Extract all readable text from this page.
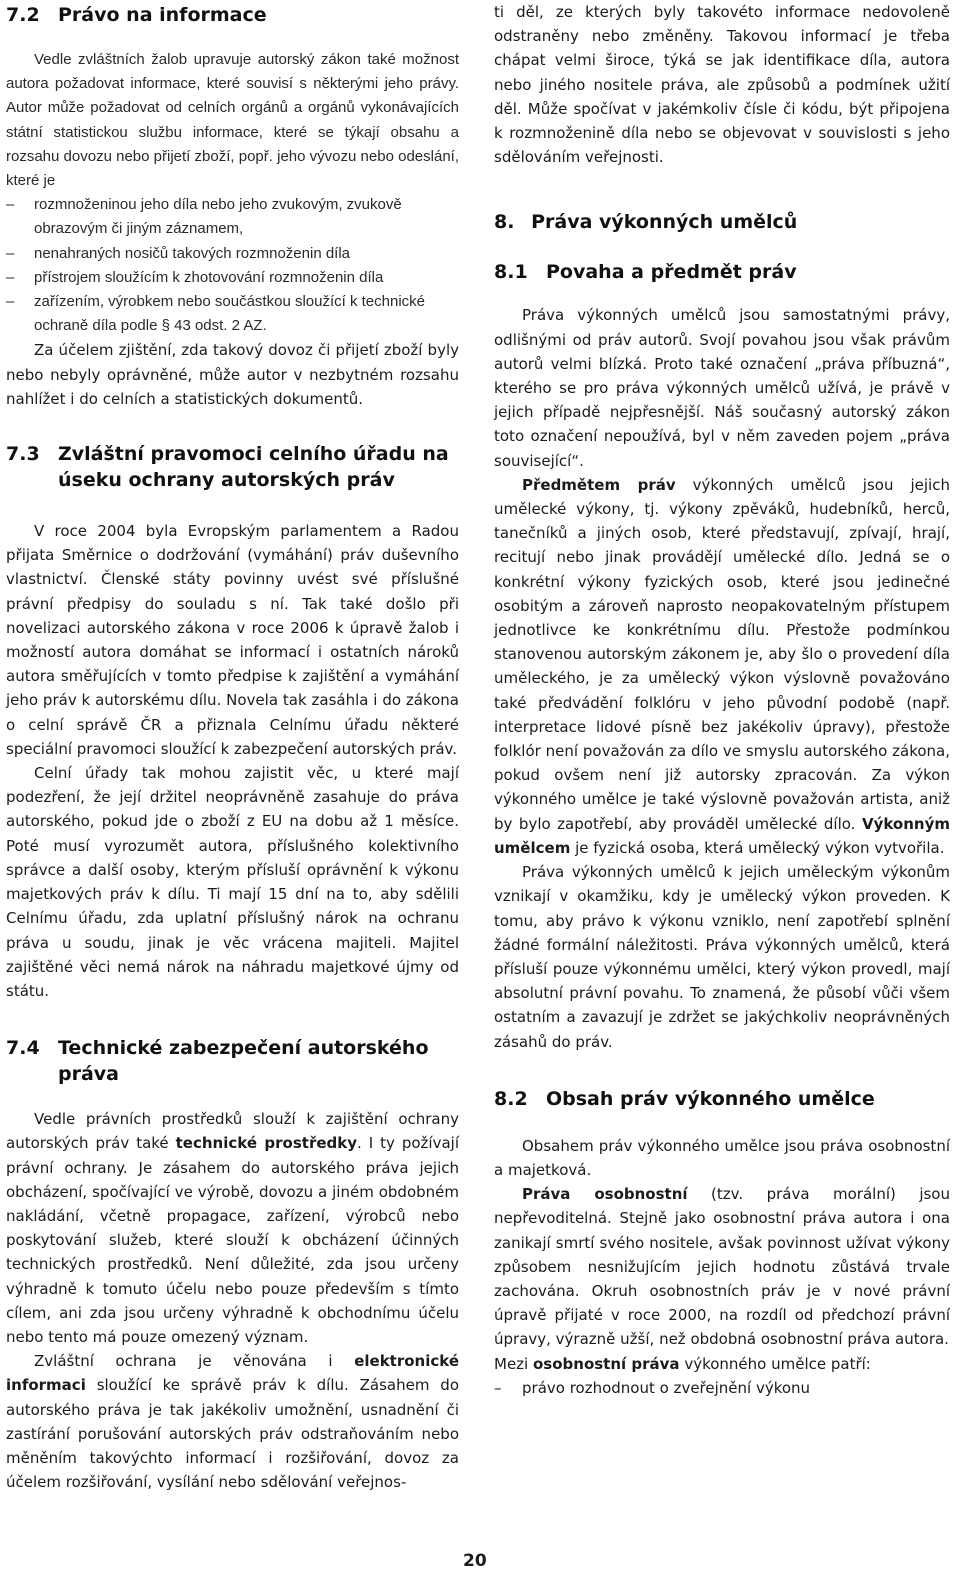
7.2 Právo na informace

Vedle zvláštních žalob upravuje autorský zákon také možnost autora požadovat informace, které souvisí s některými jeho právy. Autor může požadovat od celních orgánů a orgánů vykonávajících státní statistickou službu informace, které se týkají obsahu a rozsahu dovozu nebo přijetí zboží, popř. jeho vývozu nebo odeslání, které je

– rozmnoženinou jeho díla nebo jeho zvukovým, zvukově obrazovým či jiným záznamem,
– nenahraných nosičů takových rozmnoženin díla
– přístrojem sloužícím k zhotovování rozmnoženin díla
– zařízením, výrobkem nebo součástkou sloužící k technické ochraně díla podle § 43 odst. 2 AZ.

Za účelem zjištění, zda takový dovoz či přijetí zboží byly nebo nebyly oprávněné, může autor v nezbytném rozsahu nahlížet i do celních a statistických dokumentů.

7.3 Zvláštní pravomoci celního úřadu na úseku ochrany autorských práv

V roce 2004 byla Evropským parlamentem a Radou přijata Směrnice o dodržování (vymáhání) práv duševního vlastnictví. Členské státy povinny uvést své příslušné právní předpisy do souladu s ní. Tak také došlo při novelizaci autorského zákona v roce 2006 k úpravě žalob i možností autora domáhat se informací i ostatních nároků autora směřujících v tomto předpise k zajištění a vymáhání jeho práv k autorskému dílu. Novela tak zasáhla i do zákona o celní správě ČR a přiznala Celnímu úřadu některé speciální pravomoci sloužící k zabezpečení autorských práv.

Celní úřady tak mohou zajistit věc, u které mají podezření, že její držitel neoprávněně zasahuje do práva autorského, pokud jde o zboží z EU na dobu až 1 měsíce. Poté musí vyrozumět autora, příslušného kolektivního správce a další osoby, kterým přísluší oprávnění k výkonu majetkových práv k dílu. Ti mají 15 dní na to, aby sdělili Celnímu úřadu, zda uplatní příslušný nárok na ochranu práva u soudu, jinak je věc vrácena majiteli. Majitel zajištěné věci nemá nárok na náhradu majetkové újmy od státu.

7.4 Technické zabezpečení autorského práva

Vedle právních prostředků slouží k zajištění ochrany autorských práv také technické prostředky. I ty požívají právní ochrany. Je zásahem do autorského práva jejich obcházení, spočívající ve výrobě, dovozu a jiném obdobném nakládání, včetně propagace, zařízení, výrobců nebo poskytování služeb, které slouží k obcházení účinných technických prostředků. Není důležité, zda jsou určeny výhradně k tomuto účelu nebo pouze především s tímto cílem, ani zda jsou určeny výhradně k obchodnímu účelu nebo tento má pouze omezený význam.

Zvláštní ochrana je věnována i elektronické informaci sloužící ke správě práv k dílu. Zásahem do autorského práva je tak jakékoliv umožnění, usnadnění či zastírání porušování autorských práv odstraňováním nebo měněním takovýchto informací i rozšiřování, dovoz za účelem rozšiřování, vysílání nebo sdělování veřejnos-

ti děl, ze kterých byly takovéto informace nedovoleně odstraněny nebo změněny. Takovou informací je třeba chápat velmi široce, týká se jak identifikace díla, autora nebo jiného nositele práva, ale způsobů a podmínek užití děl. Může spočívat v jakémkoliv čísle či kódu, být připojena k rozmnoženině díla nebo se objevovat v souvislosti s jeho sdělováním veřejnosti.

8. Práva výkonných umělců
8.1 Povaha a předmět práv

Práva výkonných umělců jsou samostatnými právy, odlišnými od práv autorů. Svojí povahou jsou však právům autorů velmi blízká. Proto také označení „práva příbuzná“, kterého se pro práva výkonných umělců užívá, je právě v jejich případě nejpřesnější. Náš současný autorský zákon toto označení nepoužívá, byl v něm zaveden pojem „práva související“.

Předmětem práv výkonných umělců jsou jejich umělecké výkony, tj. výkony zpěváků, hudebníků, herců, tanečníků a jiných osob, které představují, zpívají, hrají, recitují nebo jinak provádějí umělecké dílo. Jedná se o konkrétní výkony fyzických osob, které jsou jedinečné osobitým a zároveň naprosto neopakovatelným přístupem jednotlivce ke konkrétnímu dílu. Přestože podmínkou stanovenou autorským zákonem je, aby šlo o provedení díla uměleckého, je za umělecký výkon výslovně považováno také předvádění folklóru v jeho původní podobě (např. interpretace lidové písně bez jakékoliv úpravy), přestože folklór není považován za dílo ve smyslu autorského zákona, pokud ovšem není již autorsky zpracován. Za výkon výkonného umělce je také výslovně považován artista, aniž by bylo zapotřebí, aby prováděl umělecké dílo. Výkonným umělcem je fyzická osoba, která umělecký výkon vytvořila.

Práva výkonných umělců k jejich uměleckým výkonům vznikají v okamžiku, kdy je umělecký výkon proveden. K tomu, aby právo k výkonu vzniklo, není zapotřebí splnění žádné formální náležitosti. Práva výkonných umělců, která přísluší pouze výkonnému umělci, který výkon provedl, mají absolutní právní povahu. To znamená, že působí vůči všem ostatním a zavazují je zdržet se jakýchkoliv neoprávněných zásahů do práv.

8.2 Obsah práv výkonného umělce

Obsahem práv výkonného umělce jsou práva osobnostní a majetková.

Práva osobnostní (tzv. práva morální) jsou nepřevoditelná. Stejně jako osobnostní práva autora i ona zanikají smrtí svého nositele, avšak povinnost užívat výkony způsobem nesnižujícím jejich hodnotu zůstává trvale zachována. Okruh osobnostních práv je v nové právní úpravě přijaté v roce 2000, na rozdíl od předchozí právní úpravy, výrazně užší, než obdobná osobnostní práva autora.

Mezi osobnostní práva výkonného umělce patří:

– právo rozhodnout o zveřejnění výkonu
20
